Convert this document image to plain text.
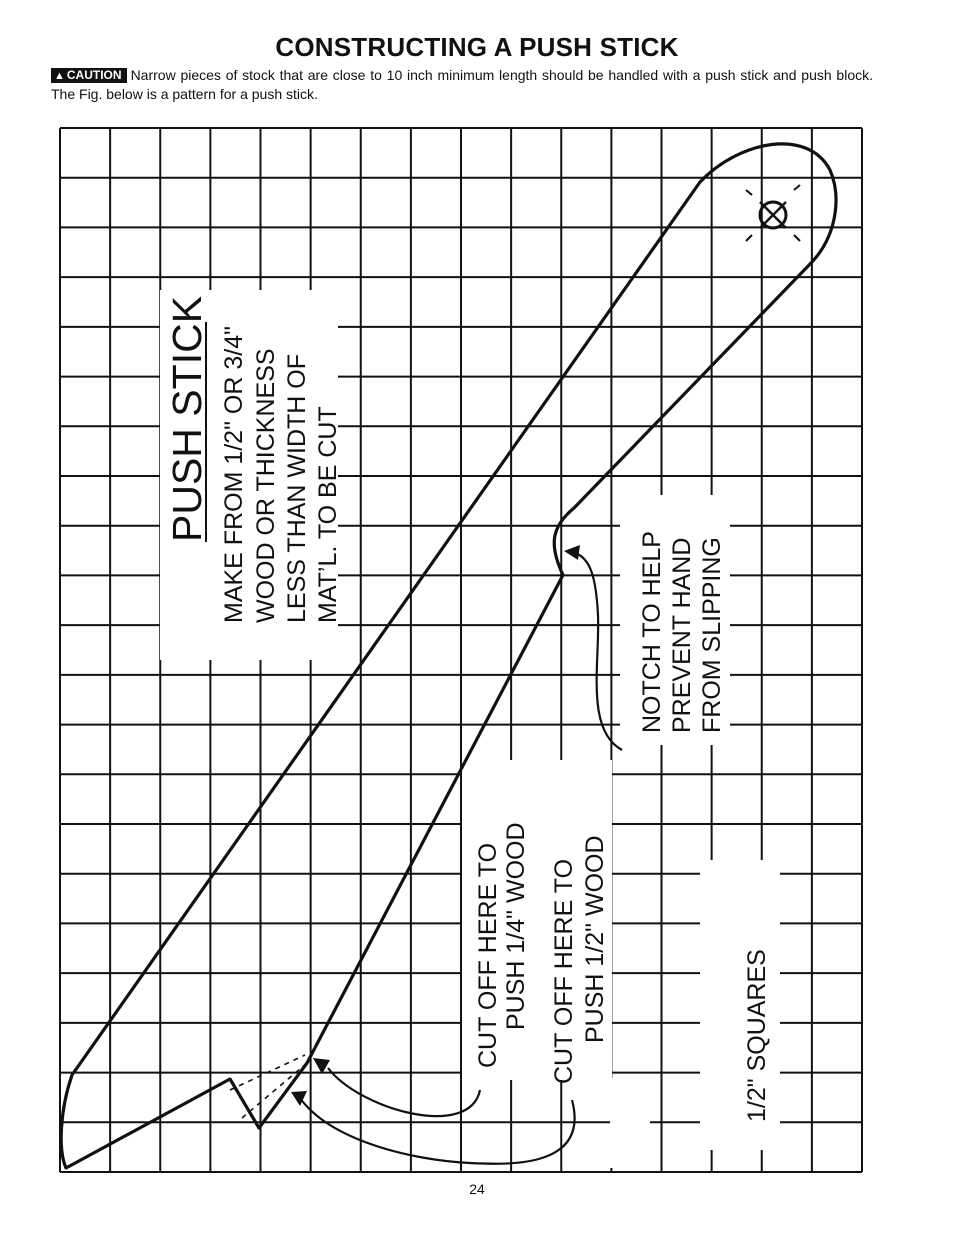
CONSTRUCTING A PUSH STICK
▲ CAUTION Narrow pieces of stock that are close to 10 inch minimum length should be handled with a push stick and push block. The Fig. below is a pattern for a push stick.
PUSH STICK MAKE FROM 1/2" OR 3/4" WOOD OR THICKNESS LESS THAN WIDTH OF MAT’L. TO BE CUT
NOTCH TO HELP PREVENT HAND FROM SLIPPING
CUT OFF HERE TO PUSH 1/4" WOOD CUT OFF HERE TO PUSH 1/2" WOOD	1/2" SQUARES
24
